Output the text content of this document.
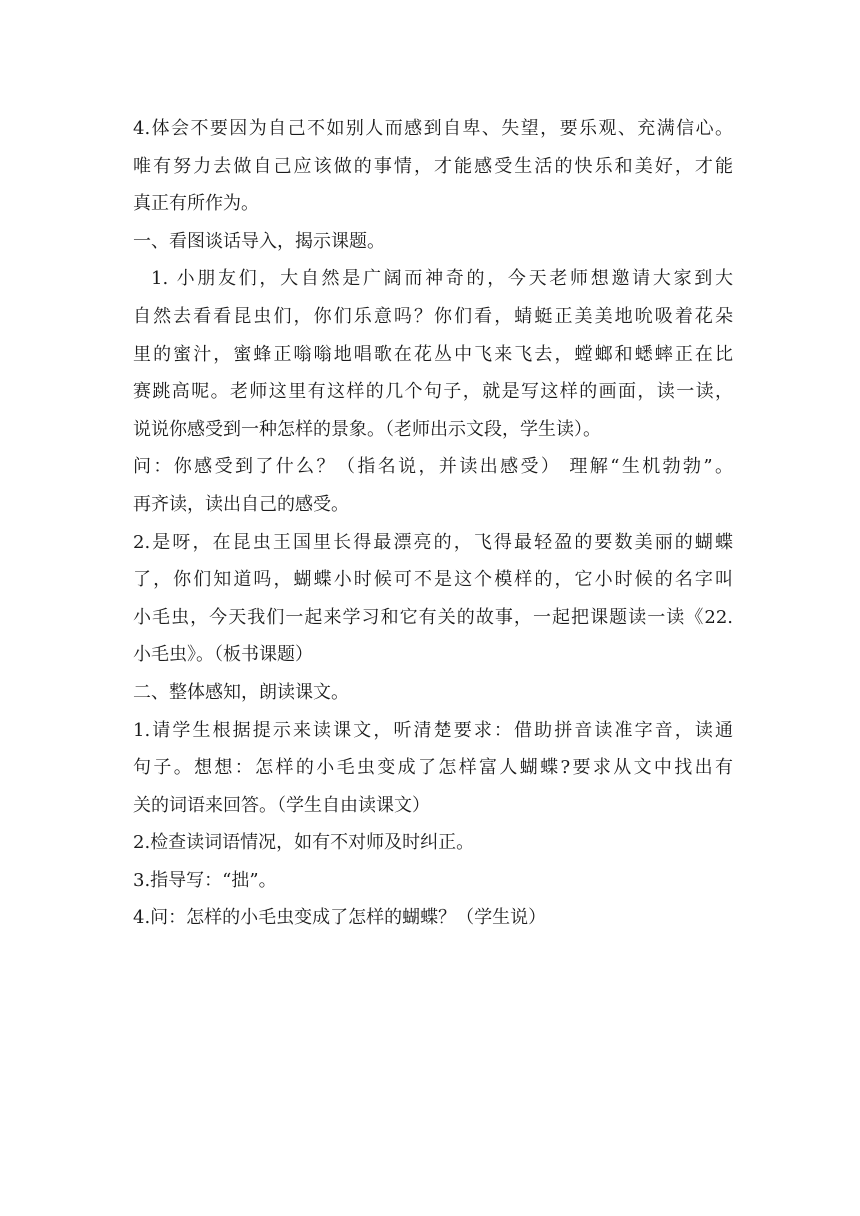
4.体会不要因为自己不如别人而感到自卑、失望，要乐观、充满信心。
唯有努力去做自己应该做的事情，才能感受生活的快乐和美好，才能
真正有所作为。
一、看图谈话导入，揭示课题。
1. 小朋友们，大自然是广阔而神奇的，今天老师想邀请大家到大
自然去看看昆虫们，你们乐意吗？你们看，蜻蜓正美美地吮吸着花朵
里的蜜汁，蜜蜂正嗡嗡地唱歌在花丛中飞来飞去，螳螂和蟋蟀正在比
赛跳高呢。老师这里有这样的几个句子，就是写这样的画面，读一读，
说说你感受到一种怎样的景象。（老师出示文段，学生读）。
问：你感受到了什么？（指名说，并读出感受） 理解“生机勃勃”。
再齐读，读出自己的感受。
2.是呀，在昆虫王国里长得最漂亮的，飞得最轻盈的要数美丽的蝴蝶
了，你们知道吗，蝴蝶小时候可不是这个模样的，它小时候的名字叫
小毛虫，今天我们一起来学习和它有关的故事，一起把课题读一读《22.
小毛虫》。（板书课题）
二、整体感知，朗读课文。
1.请学生根据提示来读课文，听清楚要求：借助拼音读准字音，读通
句子。想想：怎样的小毛虫变成了怎样富人蝴蝶?要求从文中找出有
关的词语来回答。（学生自由读课文）
2.检查读词语情况，如有不对师及时纠正。
3.指导写：“拙”。
4.问：怎样的小毛虫变成了怎样的蝴蝶？（学生说）
